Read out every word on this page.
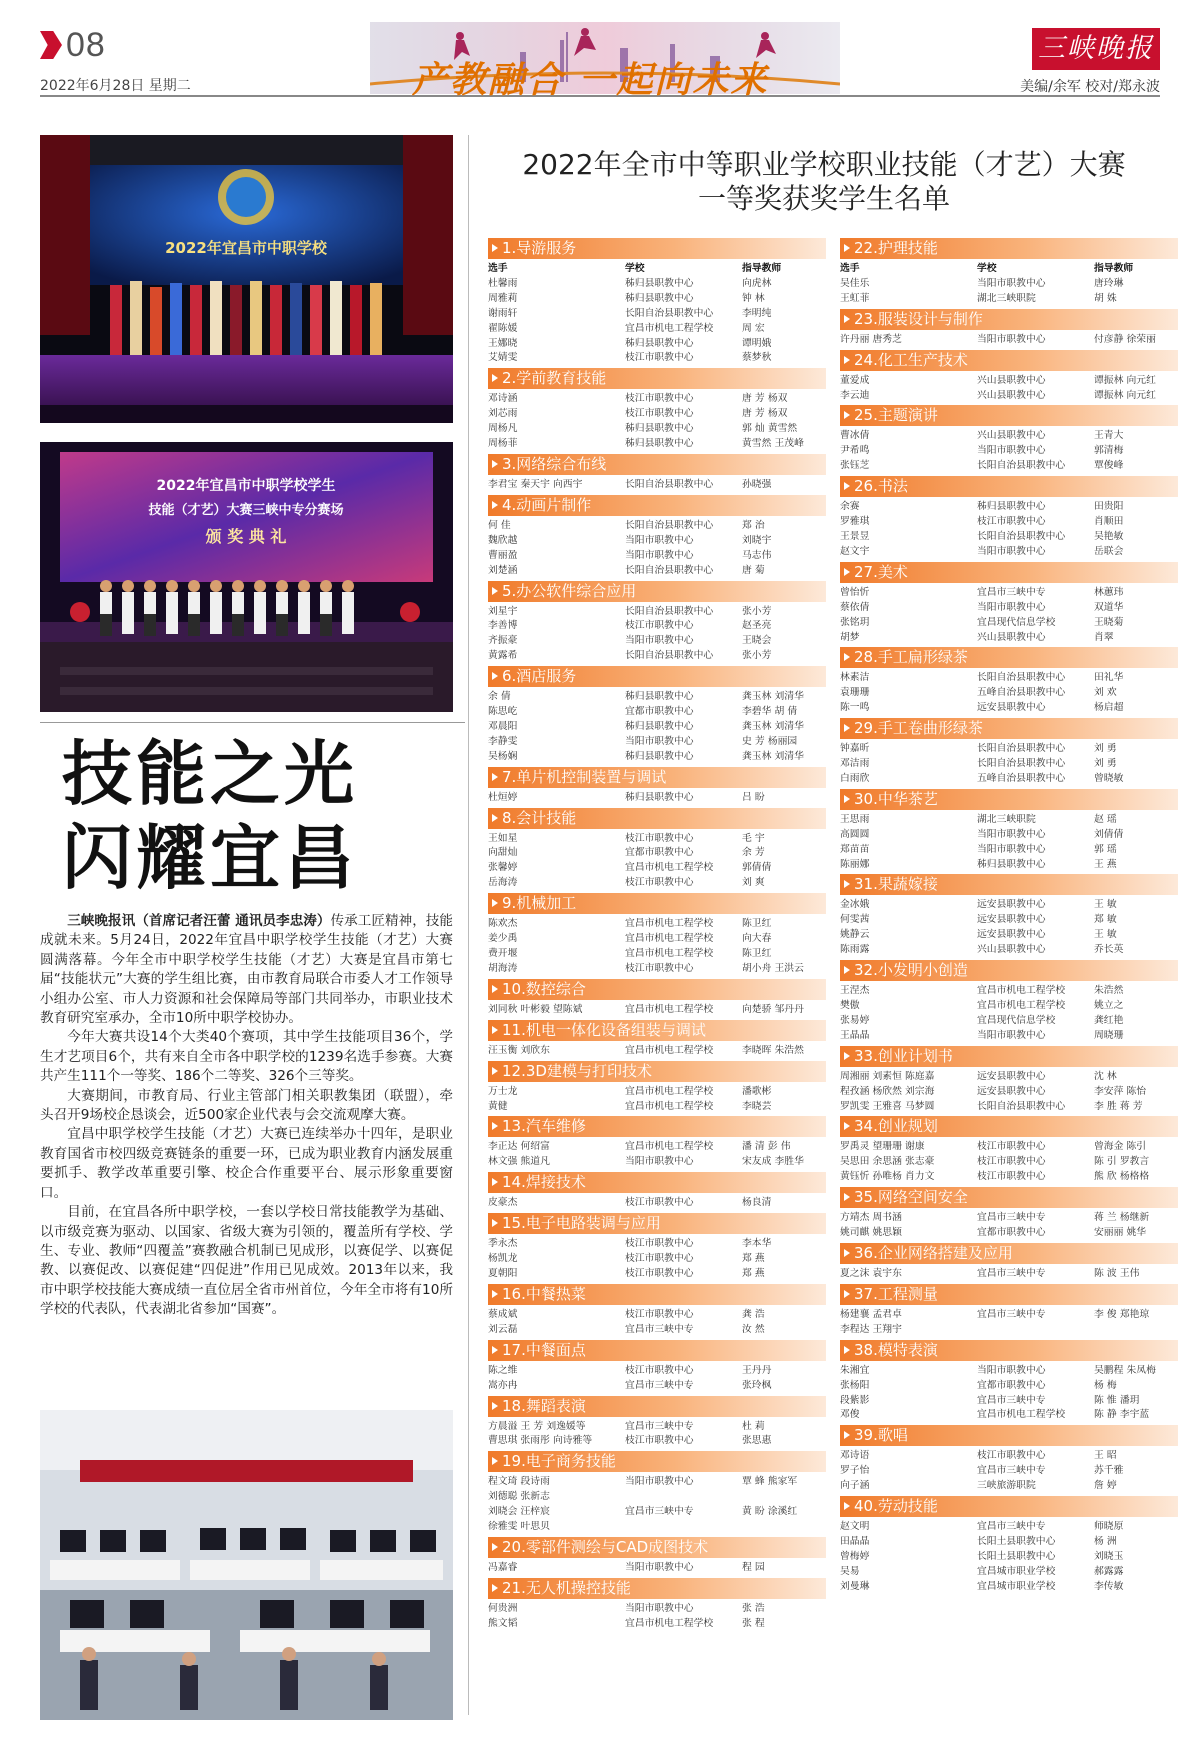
08
2022年6月28日 星期二	产教融合 一起向未来
三峡晚报
美编/余军 校对/郑永波
2022年宜昌市中职学校
2022年宜昌市中职学校学生
技能（才艺）大赛三峡中专分赛场
颁 奖 典 礼
技能之光
闪耀宜昌

三峡晚报讯（首席记者汪蕾 通讯员李忠涛）传承工匠精神，技能成就未来。5月24日，2022年宜昌中职学校学生技能（才艺）大赛圆满落幕。今年全市中职学校学生技能（才艺）大赛是宜昌市第七届“技能状元”大赛的学生组比赛，由市教育局联合市委人才工作领导小组办公室、市人力资源和社会保障局等部门共同举办，市职业技术教育研究室承办，全市10所中职学校协办。

今年大赛共设14个大类40个赛项，其中学生技能项目36个，学生才艺项目6个，共有来自全市各中职学校的1239名选手参赛。大赛共产生111个一等奖、186个二等奖、326个三等奖。

大赛期间，市教育局、行业主管部门相关职教集团（联盟），牵头召开9场校企恳谈会，近500家企业代表与会交流观摩大赛。

宜昌中职学校学生技能（才艺）大赛已连续举办十四年，是职业教育国省市校四级竞赛链条的重要一环，已成为职业教育内涵发展重要抓手、教学改革重要引擎、校企合作重要平台、展示形象重要窗口。

目前，在宜昌各所中职学校，一套以学校日常技能教学为基础、以市级竞赛为驱动、以国家、省级大赛为引领的，覆盖所有学校、学生、专业、教师“四覆盖”赛教融合机制已见成形，以赛促学、以赛促教、以赛促改、以赛促建“四促进”作用已见成效。2013年以来，我市中职学校技能大赛成绩一直位居全省市州首位，今年全市将有10所学校的代表队，代表湖北省参加“国赛”。

2022年全市中等职业学校职业技能（才艺）大赛
一等奖获奖学生名单
1.导游服务
选手	学校	指导教师
杜馨雨	秭归县职教中心	向虎林
周雅莉	秭归县职教中心	钟 林
谢雨轩	长阳自治县职教中心	李明纯
翟陈媛	宜昌市机电工程学校	周 宏
王娜晓	秭归县职教中心	谭明娥
艾婧雯	枝江市职教中心	蔡梦秋
2.学前教育技能
邓诗涵	枝江市职教中心	唐 芳 杨双
刘芯雨	枝江市职教中心	唐 芳 杨双
周杨凡	秭归县职教中心	郭 灿 黄雪然
周杨菲	秭归县职教中心	黄雪然 王茂峰
3.网络综合布线
李君宝 秦天宇 向西宇	长阳自治县职教中心	孙晓强
4.动画片制作
何 佳	长阳自治县职教中心	郑 治
魏欣越	当阳市职教中心	刘晓宇
曹丽盈	当阳市职教中心	马志伟
刘楚涵	长阳自治县职教中心	唐 菊
5.办公软件综合应用
刘星宇	长阳自治县职教中心	张小芳
李善博	枝江市职教中心	赵圣亮
齐振豪	当阳市职教中心	王晓会
黄露希	长阳自治县职教中心	张小芳
6.酒店服务
余 倩	秭归县职教中心	龚玉林 刘清华
陈思屹	宜都市职教中心	李碧华 胡 倩
邓晨阳	秭归县职教中心	龚玉林 刘清华
李静雯	当阳市职教中心	史 芳 杨丽园
吴杨娴	秭归县职教中心	龚玉林 刘清华
7.单片机控制装置与调试
杜烜婷	秭归县职教中心	吕 盼
8.会计技能
王如星	枝江市职教中心	毛 宇
向甜灿	宜都市职教中心	余 芳
张馨婷	宜昌市机电工程学校	郭倩倩
岳海涛	枝江市职教中心	刘 爽
9.机械加工
陈欢杰	宜昌市机电工程学校	陈卫红
姜少禹	宜昌市机电工程学校	向大春
费开堰	宜昌市机电工程学校	陈卫红
胡海涛	枝江市职教中心	胡小舟 王洪云
10.数控综合
刘同秋 叶彬毅 望陈斌	宜昌市机电工程学校	向楚骄 邹丹丹
11.机电一体化设备组装与调试
汪玉衡 刘欣东	宜昌市机电工程学校	李晓晖 朱浩然
12.3D建模与打印技术
万士龙	宜昌市机电工程学校	潘歌彬
黄健	宜昌市机电工程学校	李晓芸
13.汽车维修
李正达 何绍富	宜昌市机电工程学校	潘 清 彭 伟
林文强 熊道凡	当阳市职教中心	宋友成 李胜华
14.焊接技术
皮豪杰	枝江市职教中心	杨良清
15.电子电路装调与应用
季永杰	枝江市职教中心	李本华
杨凯龙	枝江市职教中心	郑 燕
夏朝阳	枝江市职教中心	郑 燕
16.中餐热菜
蔡成斌	枝江市职教中心	龚 浩
刘云磊	宜昌市三峡中专	汝 然
17.中餐面点
陈之维	枝江市职教中心	王丹丹
嵩亦冉	宜昌市三峡中专	张玲枫
18.舞蹈表演
方晨溢 王 芳 刘逸媛等	宜昌市三峡中专	杜 莉
曹思琪 张雨彤 向诗雅等	枝江市职教中心	张思惠
19.电子商务技能
程文琦 段诗雨	当阳市职教中心	覃 蜂 熊家军
刘德聪 张新志
刘晓会 汪梓宸	宜昌市三峡中专	黄 盼 涂溪红
徐雅雯 叶思贝
20.零部件测绘与CAD成图技术
冯嘉睿	当阳市职教中心	程 园
21.无人机操控技能
何贵洲	当阳市职教中心	张 浩
熊文韬	宜昌市机电工程学校	张 程
22.护理技能
选手	学校	指导教师
吴佳乐	当阳市职教中心	唐玲琳
王虹菲	湖北三峡职院	胡 姝
23.服装设计与制作
许丹丽 唐秀芝	当阳市职教中心	付彦静 徐荣丽
24.化工生产技术
董爱成	兴山县职教中心	谭振林 向元红
李云迪	兴山县职教中心	谭振林 向元红
25.主题演讲
曹冰倩	兴山县职教中心	王青大
尹希鸣	当阳市职教中心	郭清梅
张钰芝	长阳自治县职教中心	覃俊峰
26.书法
余赛	秭归县职教中心	田贵阳
罗雅琪	枝江市职教中心	肖顺田
王景昱	长阳自治县职教中心	吴艳敏
赵文宇	当阳市职教中心	岳联会
27.美术
曾怡忻	宜昌市三峡中专	林蕙玮
蔡依倩	当阳市职教中心	双道华
张铭玥	宜昌现代信息学校	王晓菊
胡梦	兴山县职教中心	肖翠
28.手工扁形绿茶
林素洁	长阳自治县职教中心	田礼华
袁珊珊	五峰自治县职教中心	刘 欢
陈一鸣	远安县职教中心	杨启超
29.手工卷曲形绿茶
钟嘉昕	长阳自治县职教中心	刘 勇
邓洁雨	长阳自治县职教中心	刘 勇
白雨欣	五峰自治县职教中心	曾晓敏
30.中华茶艺
王思雨	湖北三峡职院	赵 瑶
高圆圆	当阳市职教中心	刘倩倩
郑苗苗	当阳市职教中心	郭 瑶
陈丽娜	秭归县职教中心	王 燕
31.果蔬嫁接
金冰娥	远安县职教中心	王 敏
何雯茜	远安县职教中心	郑 敏
姚静云	远安县职教中心	王 敏
陈雨露	兴山县职教中心	乔长英
32.小发明小创造
王涅杰	宜昌市机电工程学校	朱浩然
樊傲	宜昌市机电工程学校	姚立之
张易婷	宜昌现代信息学校	龚红艳
王晶晶	当阳市职教中心	周晓珊
33.创业计划书
周湘丽 刘素恒 陈庭嘉	远安县职教中心	沈 林
程孜涵 杨欣然 刘宗海	远安县职教中心	李安萍 陈怡
罗凯雯 王雅喜 马梦圆	长阳自治县职教中心	李 胜 蒋 芳
34.创业规划
罗禹灵 望珊珊 谢康	枝江市职教中心	曾海金 陈引
吴思田 余思涵 张志豪	枝江市职教中心	陈 引 罗教言
黄钰忻 孙唯杨 肖力文	枝江市职教中心	熊 欣 杨格格
35.网络空间安全
方靖杰 周书涵	宜昌市三峡中专	蒋 兰 杨继新
姚司麒 姚思颖	宜都市职教中心	安丽丽 姚华
36.企业网络搭建及应用
夏之沫 袁宇东	宜昌市三峡中专	陈 波 王伟
37.工程测量
杨建襄 孟君卓	宜昌市三峡中专	李 俊 郑艳琼
李程达 王翔宇
38.模特表演
朱湘宜	当阳市职教中心	吴鹏程 朱凤梅
张杨阳	宜都市职教中心	杨 梅
段紫影	宜昌市三峡中专	陈 惟 潘玥
邓俊	宜昌市机电工程学校	陈 静 李宇蓝
39.歌唱
邓诗语	枝江市职教中心	王 昭
罗子怡	宜昌市三峡中专	苏千雅
向子涵	三峡旅游职院	詹 婷
40.劳动技能
赵文明	宜昌市三峡中专	师晓原
田晶晶	长阳土县职教中心	杨 洲
曾梅婷	长阳土县职教中心	刘晓玉
吴易	宜昌城市职业学校	郝露露
刘曼琳	宜昌城市职业学校	李传敏
